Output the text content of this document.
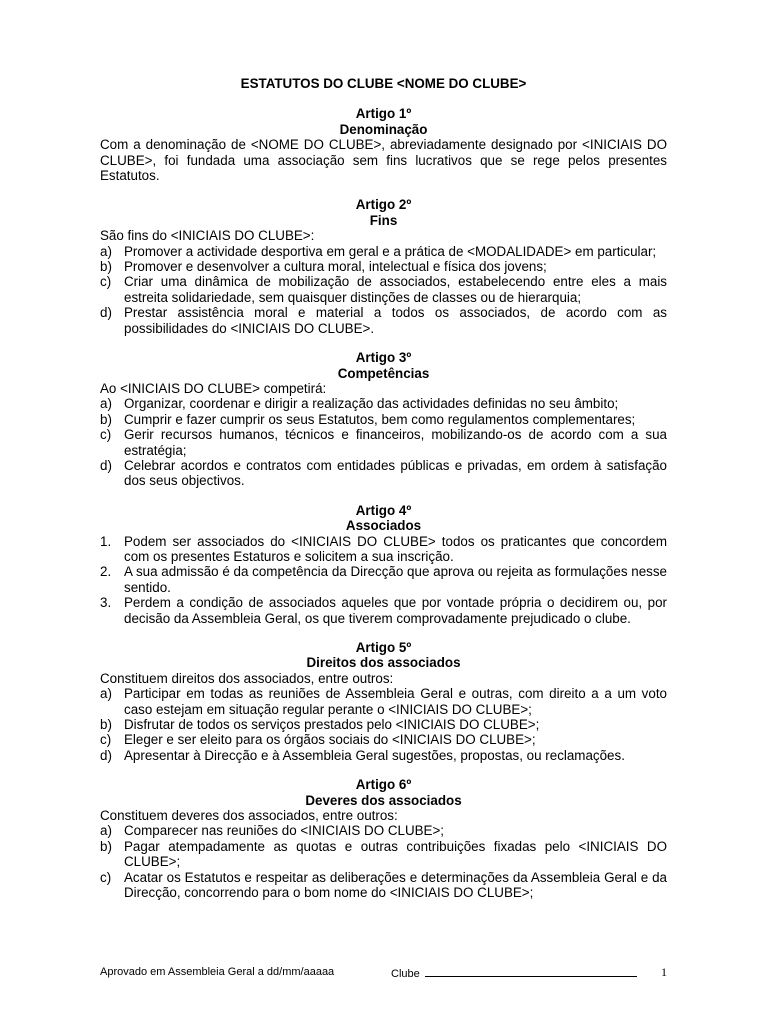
ESTATUTOS DO CLUBE <NOME DO CLUBE>
Artigo 1º
Denominação
Com a denominação de <NOME DO CLUBE>, abreviadamente designado por <INICIAIS DO CLUBE>, foi fundada uma associação sem fins lucrativos que se rege pelos presentes Estatutos.
Artigo 2º
Fins
São fins do <INICIAIS DO CLUBE>:
a) Promover a actividade desportiva em geral e a prática de <MODALIDADE> em particular;
b) Promover e desenvolver a cultura moral, intelectual e física dos jovens;
c) Criar uma dinâmica de mobilização de associados, estabelecendo entre eles a mais estreita solidariedade, sem quaisquer distinções de classes ou de hierarquia;
d) Prestar assistência moral e material a todos os associados, de acordo com as possibilidades do <INICIAIS DO CLUBE>.
Artigo 3º
Competências
Ao <INICIAIS DO CLUBE> competirá:
a) Organizar, coordenar e dirigir a realização das actividades definidas no seu âmbito;
b) Cumprir e fazer cumprir os seus Estatutos, bem como regulamentos complementares;
c) Gerir recursos humanos, técnicos e financeiros, mobilizando-os de acordo com a sua estratégia;
d) Celebrar acordos e contratos com entidades públicas e privadas, em ordem à satisfação dos seus objectivos.
Artigo 4º
Associados
1. Podem ser associados do <INICIAIS DO CLUBE> todos os praticantes que concordem com os presentes Estaturos e solicitem a sua inscrição.
2. A sua admissão é da competência da Direcção que aprova ou rejeita as formulações nesse sentido.
3. Perdem a condição de associados aqueles que por vontade própria o decidirem ou, por decisão da Assembleia Geral, os que tiverem comprovadamente prejudicado o clube.
Artigo 5º
Direitos dos associados
Constituem direitos dos associados, entre outros:
a) Participar em todas as reuniões de Assembleia Geral e outras, com direito a a um voto caso estejam em situação regular perante o <INICIAIS DO CLUBE>;
b) Disfrutar de todos os serviços prestados pelo <INICIAIS DO CLUBE>;
c) Eleger e ser eleito para os órgãos sociais do <INICIAIS DO CLUBE>;
d) Apresentar à Direcção e à Assembleia Geral sugestões, propostas, ou reclamações.
Artigo 6º
Deveres dos associados
Constituem deveres dos associados, entre outros:
a) Comparecer nas reuniões do <INICIAIS DO CLUBE>;
b) Pagar atempadamente as quotas e outras contribuições fixadas pelo <INICIAIS DO CLUBE>;
c) Acatar os Estatutos e respeitar as deliberações e determinações da Assembleia Geral e da Direcção, concorrendo para o bom nome do <INICIAIS DO CLUBE>;
Aprovado em Assembleia Geral a dd/mm/aaaaa	Clube	1
